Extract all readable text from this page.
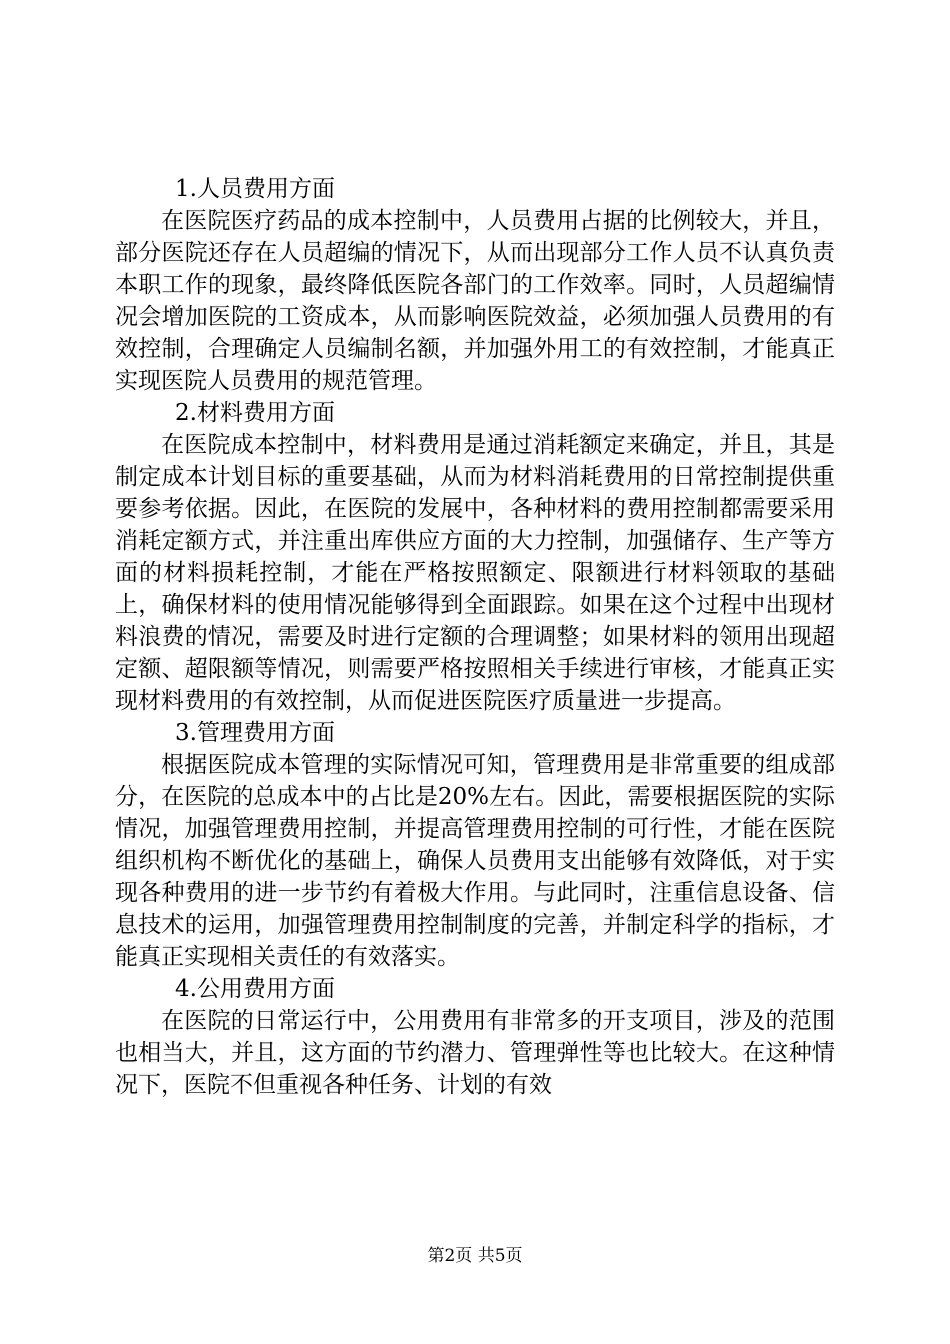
1.人员费用方面

在医院医疗药品的成本控制中，人员费用占据的比例较大，并且，部分医院还存在人员超编的情况下，从而出现部分工作人员不认真负责本职工作的现象，最终降低医院各部门的工作效率。同时，人员超编情况会增加医院的工资成本，从而影响医院效益，必须加强人员费用的有效控制，合理确定人员编制名额，并加强外用工的有效控制，才能真正实现医院人员费用的规范管理。

2.材料费用方面

在医院成本控制中，材料费用是通过消耗额定来确定，并且，其是制定成本计划目标的重要基础，从而为材料消耗费用的日常控制提供重要参考依据。因此，在医院的发展中，各种材料的费用控制都需要采用消耗定额方式，并注重出库供应方面的大力控制，加强储存、生产等方面的材料损耗控制，才能在严格按照额定、限额进行材料领取的基础上，确保材料的使用情况能够得到全面跟踪。如果在这个过程中出现材料浪费的情况，需要及时进行定额的合理调整；如果材料的领用出现超定额、超限额等情况，则需要严格按照相关手续进行审核，才能真正实现材料费用的有效控制，从而促进医院医疗质量进一步提高。

3.管理费用方面

根据医院成本管理的实际情况可知，管理费用是非常重要的组成部分，在医院的总成本中的占比是20%左右。因此，需要根据医院的实际情况，加强管理费用控制，并提高管理费用控制的可行性，才能在医院组织机构不断优化的基础上，确保人员费用支出能够有效降低，对于实现各种费用的进一步节约有着极大作用。与此同时，注重信息设备、信息技术的运用，加强管理费用控制制度的完善，并制定科学的指标，才能真正实现相关责任的有效落实。

4.公用费用方面

在医院的日常运行中，公用费用有非常多的开支项目，涉及的范围也相当大，并且，这方面的节约潜力、管理弹性等也比较大。在这种情况下，医院不但重视各种任务、计划的有效

第2页 共5页
